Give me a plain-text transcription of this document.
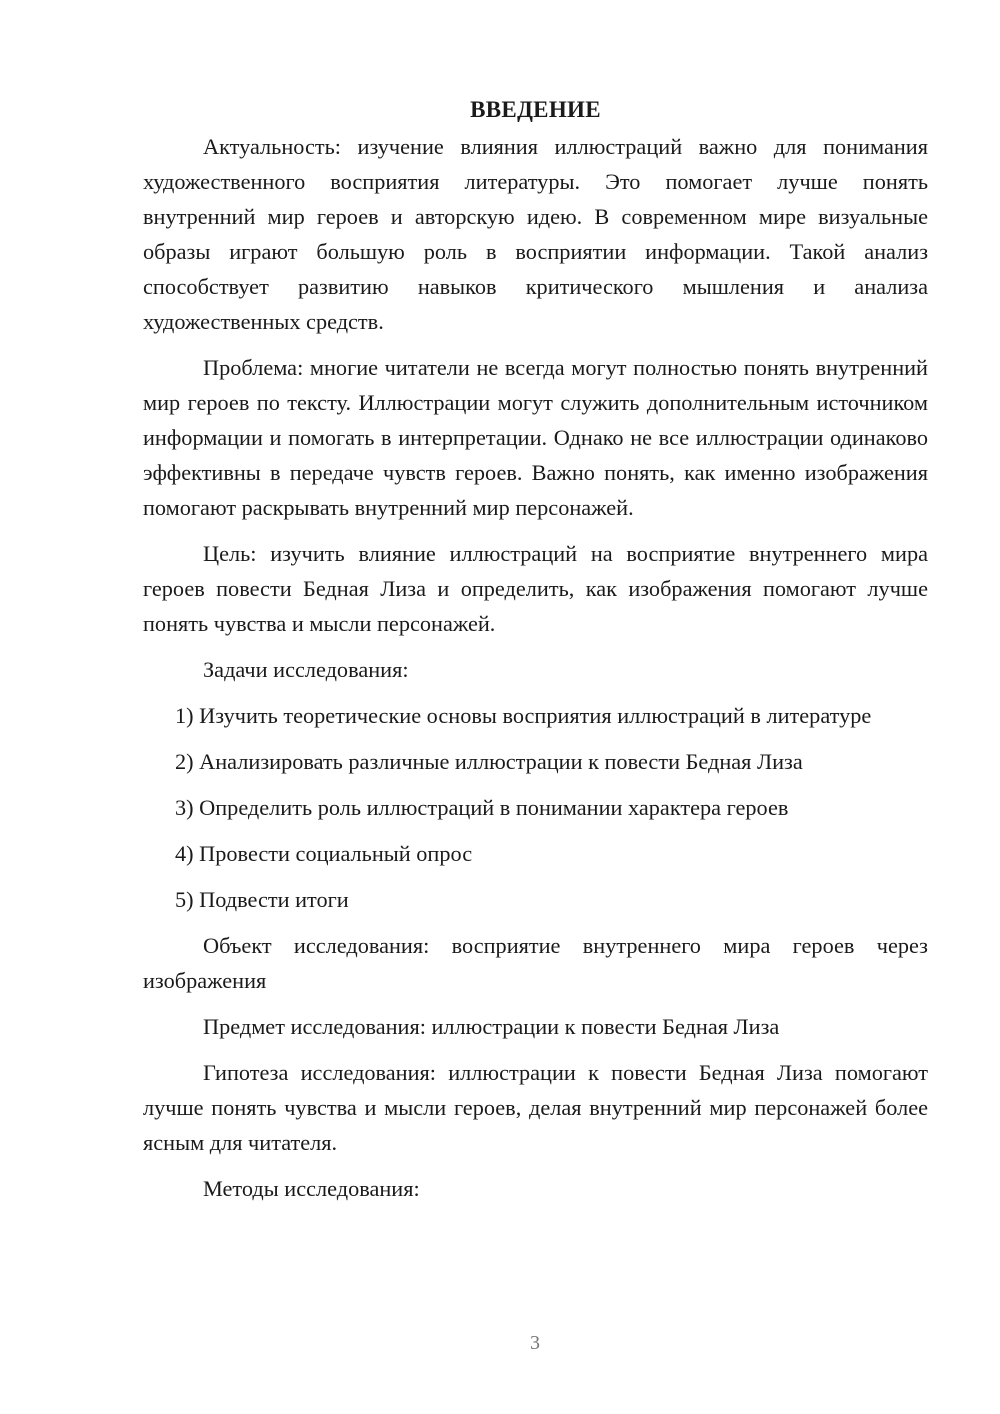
ВВЕДЕНИЕ

Актуальность: изучение влияния иллюстраций важно для понимания художественного восприятия литературы. Это помогает лучше понять внутренний мир героев и авторскую идею. В современном мире визуальные образы играют большую роль в восприятии информации. Такой анализ способствует развитию навыков критического мышления и анализа художественных средств.

Проблема: многие читатели не всегда могут полностью понять внутренний мир героев по тексту. Иллюстрации могут служить дополнительным источником информации и помогать в интерпретации. Однако не все иллюстрации одинаково эффективны в передаче чувств героев. Важно понять, как именно изображения помогают раскрывать внутренний мир персонажей.

Цель: изучить влияние иллюстраций на восприятие внутреннего мира героев повести Бедная Лиза и определить, как изображения помогают лучше понять чувства и мысли персонажей.

Задачи исследования:

1) Изучить теоретические основы восприятия иллюстраций в литературе

2) Анализировать различные иллюстрации к повести Бедная Лиза

3) Определить роль иллюстраций в понимании характера героев

4) Провести социальный опрос

5) Подвести итоги

Объект исследования: восприятие внутреннего мира героев через изображения

Предмет исследования: иллюстрации к повести Бедная Лиза

Гипотеза исследования: иллюстрации к повести Бедная Лиза помогают лучше понять чувства и мысли героев, делая внутренний мир персонажей более ясным для читателя.

Методы исследования:

3
